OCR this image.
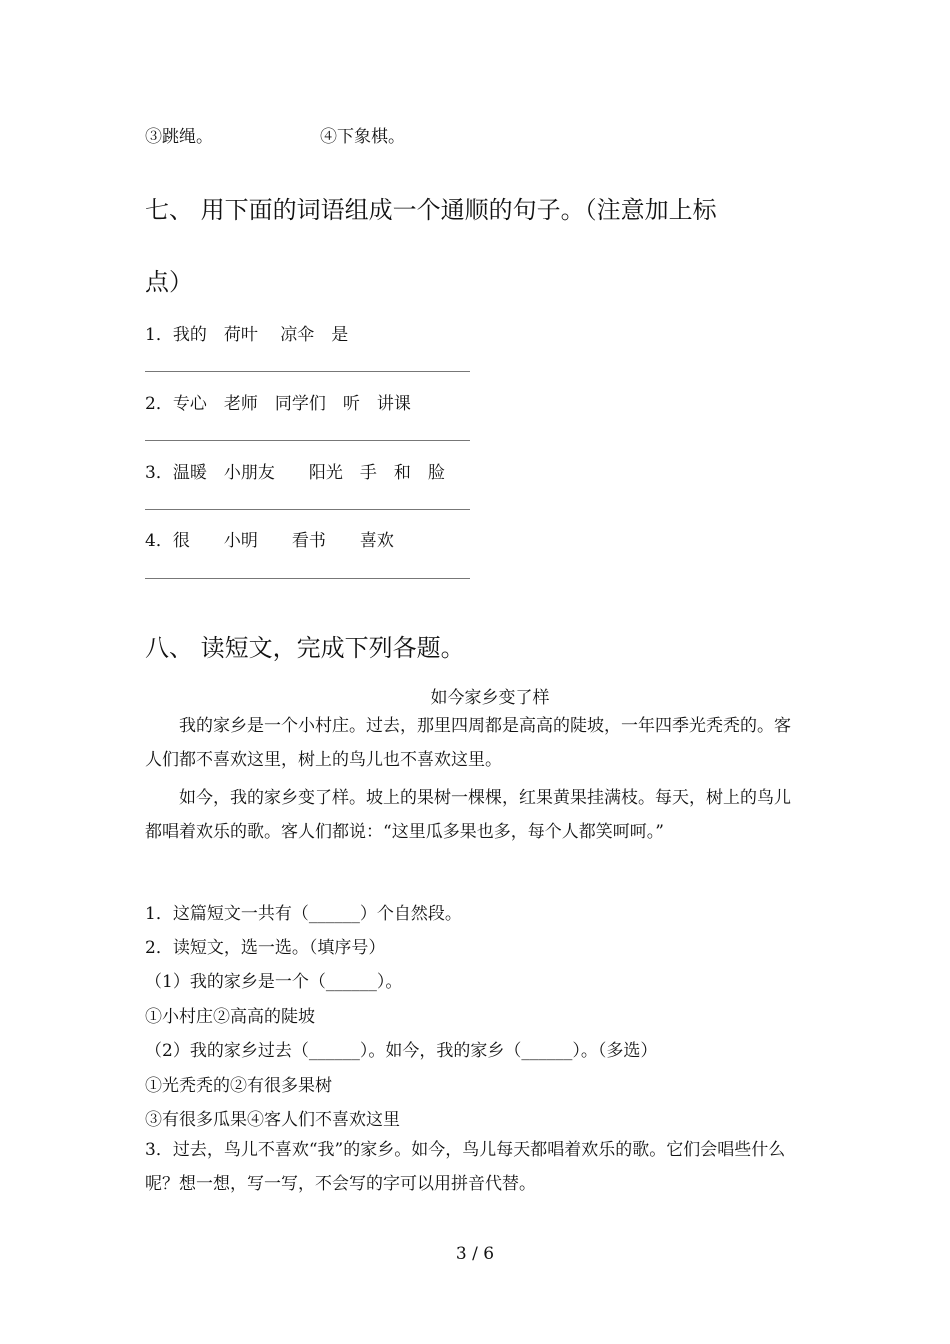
③跳绳。	④下象棋。
七、 用下面的词语组成一个通顺的句子。（注意加上标
点）
1．我的　荷叶　 凉伞　是
2．专心　老师　同学们　听　讲课
3．温暖　小朋友　　阳光　手　和　脸
4．很　　小明　　看书　　喜欢
八、 读短文，完成下列各题。
如今家乡变了样
我的家乡是一个小村庄。过去，那里四周都是高高的陡坡，一年四季光秃秃的。客人们都不喜欢这里，树上的鸟儿也不喜欢这里。
如今，我的家乡变了样。坡上的果树一棵棵，红果黄果挂满枝。每天，树上的鸟儿都唱着欢乐的歌。客人们都说：“这里瓜多果也多，每个人都笑呵呵。”
1．这篇短文一共有（______）个自然段。
2．读短文，选一选。（填序号）
（1）我的家乡是一个（______）。
①小村庄②高高的陡坡
（2）我的家乡过去（______）。如今，我的家乡（______）。（多选）
①光秃秃的②有很多果树
③有很多瓜果④客人们不喜欢这里
3．过去，鸟儿不喜欢“我”的家乡。如今，鸟儿每天都唱着欢乐的歌。它们会唱些什么呢？想一想，写一写，不会写的字可以用拼音代替。
3 / 6
